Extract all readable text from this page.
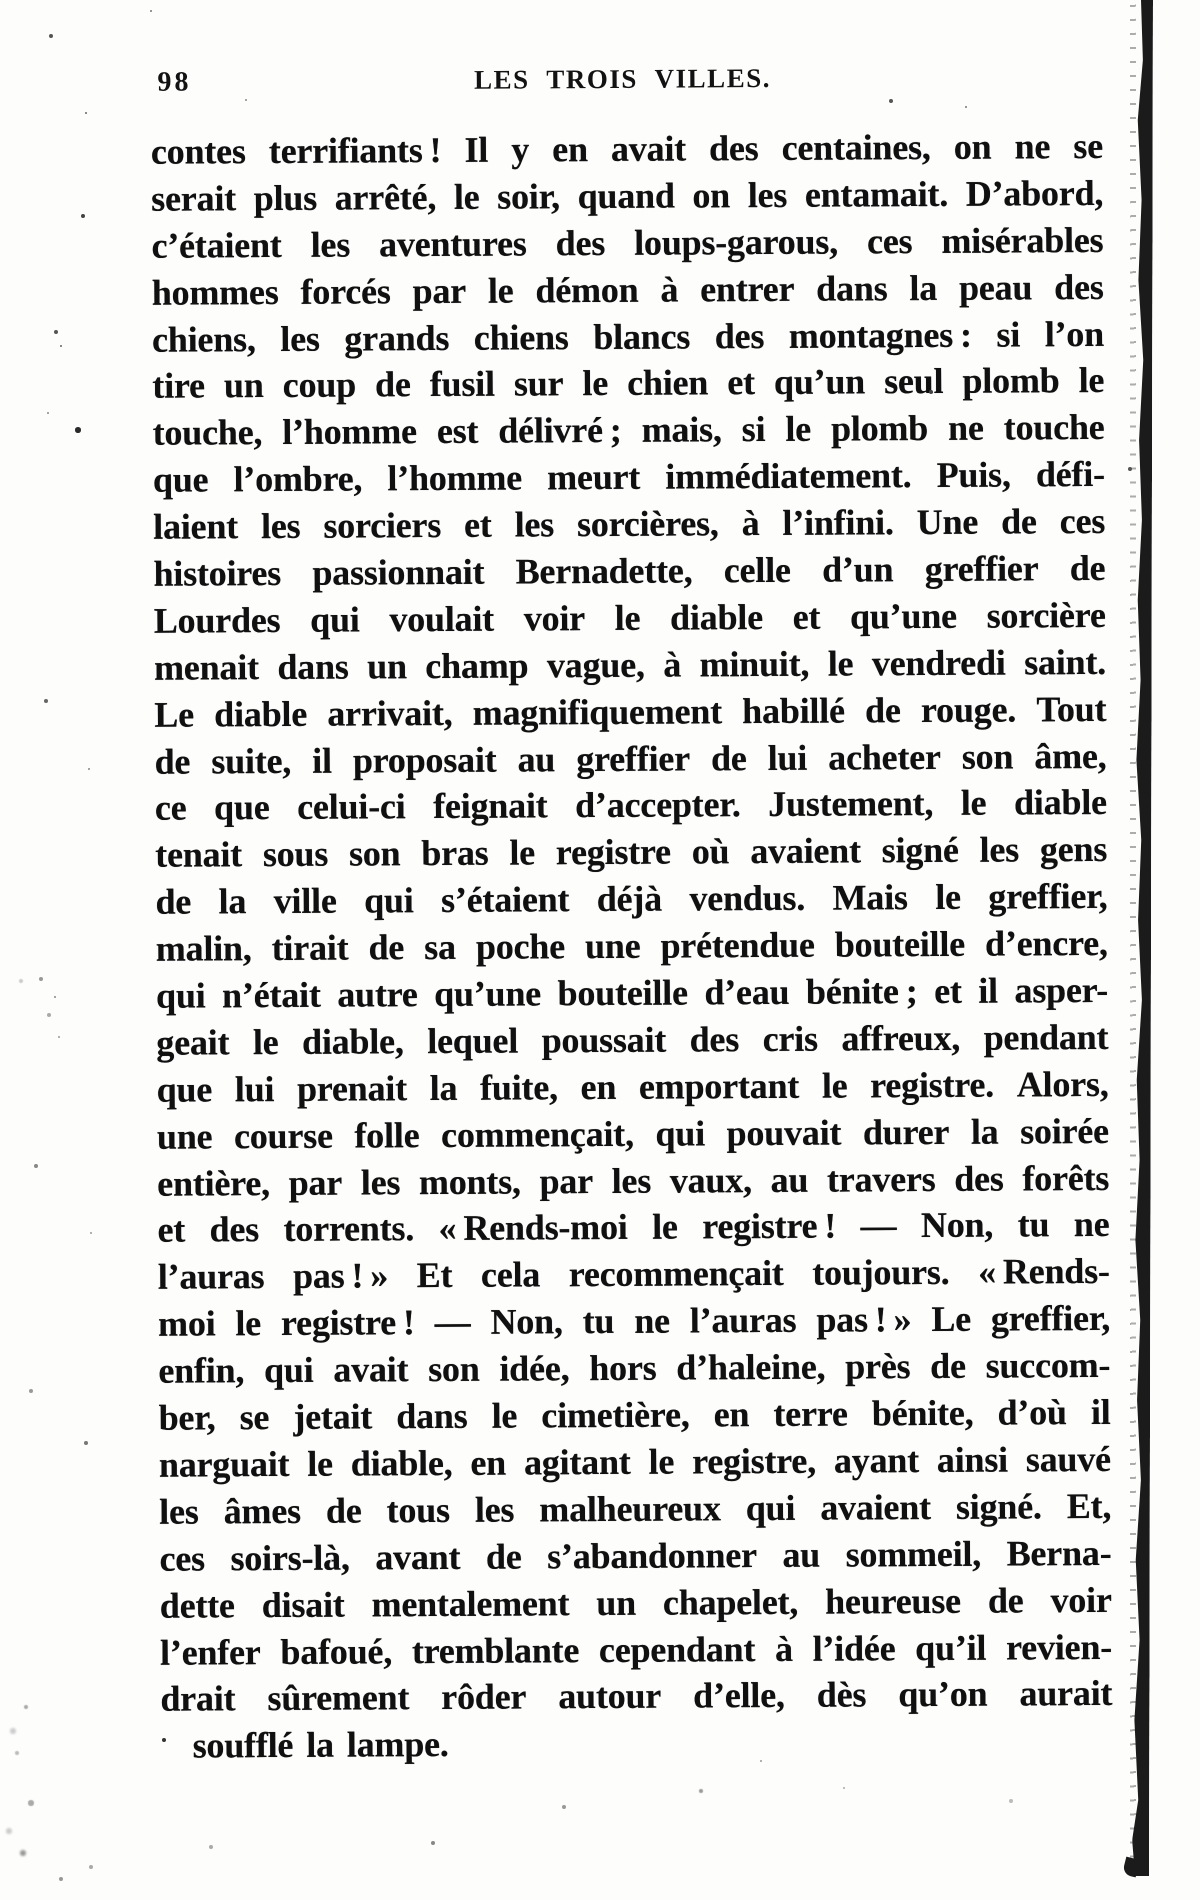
98	LES TROIS VILLES.
contes terrifiants ! Il y en avait des centaines, on ne se
serait plus arrêté, le soir, quand on les entamait. D’abord,
c’étaient les aventures des loups-garous, ces misérables
hommes forcés par le démon à entrer dans la peau des
chiens, les grands chiens blancs des montagnes : si l’on
tire un coup de fusil sur le chien et qu’un seul plomb le
touche, l’homme est délivré ; mais, si le plomb ne touche
que l’ombre, l’homme meurt immédiatement. Puis, défi-
laient les sorciers et les sorcières, à l’infini. Une de ces
histoires passionnait Bernadette, celle d’un greffier de
Lourdes qui voulait voir le diable et qu’une sorcière
menait dans un champ vague, à minuit, le vendredi saint.
Le diable arrivait, magnifiquement habillé de rouge. Tout
de suite, il proposait au greffier de lui acheter son âme,
ce que celui-ci feignait d’accepter. Justement, le diable
tenait sous son bras le registre où avaient signé les gens
de la ville qui s’étaient déjà vendus. Mais le greffier,
malin, tirait de sa poche une prétendue bouteille d’encre,
qui n’était autre qu’une bouteille d’eau bénite ; et il asper-
geait le diable, lequel poussait des cris affreux, pendant
que lui prenait la fuite, en emportant le registre. Alors,
une course folle commençait, qui pouvait durer la soirée
entière, par les monts, par les vaux, au travers des forêts
et des torrents. « Rends-moi le registre ! — Non, tu ne
l’auras pas ! » Et cela recommençait toujours. « Rends-
moi le registre ! — Non, tu ne l’auras pas ! » Le greffier,
enfin, qui avait son idée, hors d’haleine, près de succom-
ber, se jetait dans le cimetière, en terre bénite, d’où il
narguait le diable, en agitant le registre, ayant ainsi sauvé
les âmes de tous les malheureux qui avaient signé. Et,
ces soirs-là, avant de s’abandonner au sommeil, Berna-
dette disait mentalement un chapelet, heureuse de voir
l’enfer bafoué, tremblante cependant à l’idée qu’il revien-
drait sûrement rôder autour d’elle, dès qu’on aurait
soufflé la lampe.
